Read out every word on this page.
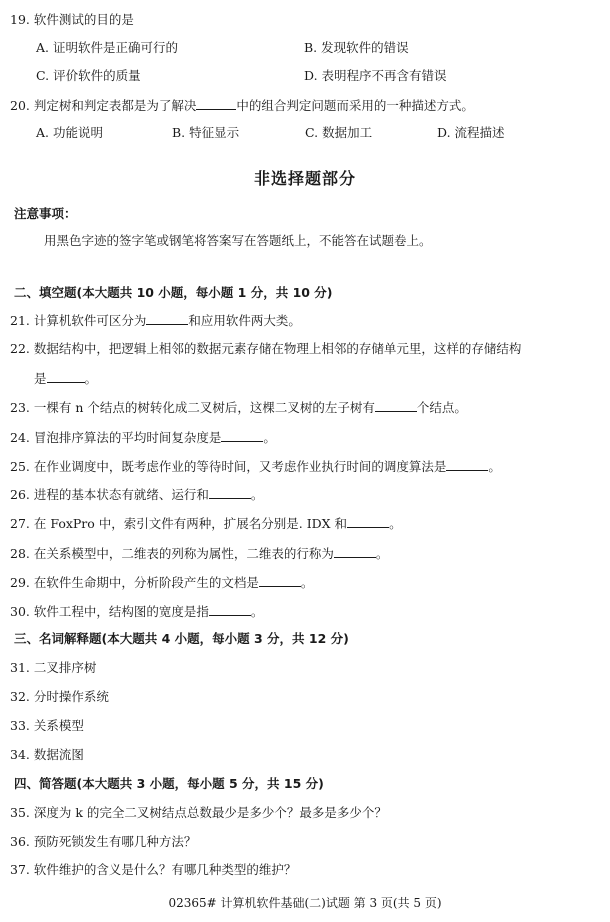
19. 软件测试的目的是
A. 证明软件是正确可行的	B. 发现软件的错误
C. 评价软件的质量	D. 表明程序不再含有错误
20. 判定树和判定表都是为了解决	中的组合判定问题而采用的一种描述方式。
A. 功能说明	B. 特征显示	C. 数据加工	D. 流程描述
非选择题部分
注意事项：
用黑色字迹的签字笔或钢笔将答案写在答题纸上，不能答在试题卷上。
二、填空题(本大题共 10 小题，每小题 1 分，共 10 分)
21. 计算机软件可区分为	和应用软件两大类。
22. 数据结构中，把逻辑上相邻的数据元素存储在物理上相邻的存储单元里，这样的存储结构
是	。
23. 一棵有 n 个结点的树转化成二叉树后，这棵二叉树的左子树有	个结点。
24. 冒泡排序算法的平均时间复杂度是	。
25. 在作业调度中，既考虑作业的等待时间，又考虑作业执行时间的调度算法是	。
26. 进程的基本状态有就绪、运行和	。
27. 在 FoxPro 中，索引文件有两种，扩展名分别是. IDX 和	。
28. 在关系模型中，二维表的列称为属性，二维表的行称为	。
29. 在软件生命期中，分析阶段产生的文档是	。
30. 软件工程中，结构图的宽度是指	。
三、名词解释题(本大题共 4 小题，每小题 3 分，共 12 分)
31. 二叉排序树
32. 分时操作系统
33. 关系模型
34. 数据流图
四、简答题(本大题共 3 小题，每小题 5 分，共 15 分)
35. 深度为 k 的完全二叉树结点总数最少是多少个？最多是多少个？
36. 预防死锁发生有哪几种方法？
37. 软件维护的含义是什么？有哪几种类型的维护？
02365# 计算机软件基础(二)试题 第 3 页(共 5 页)
